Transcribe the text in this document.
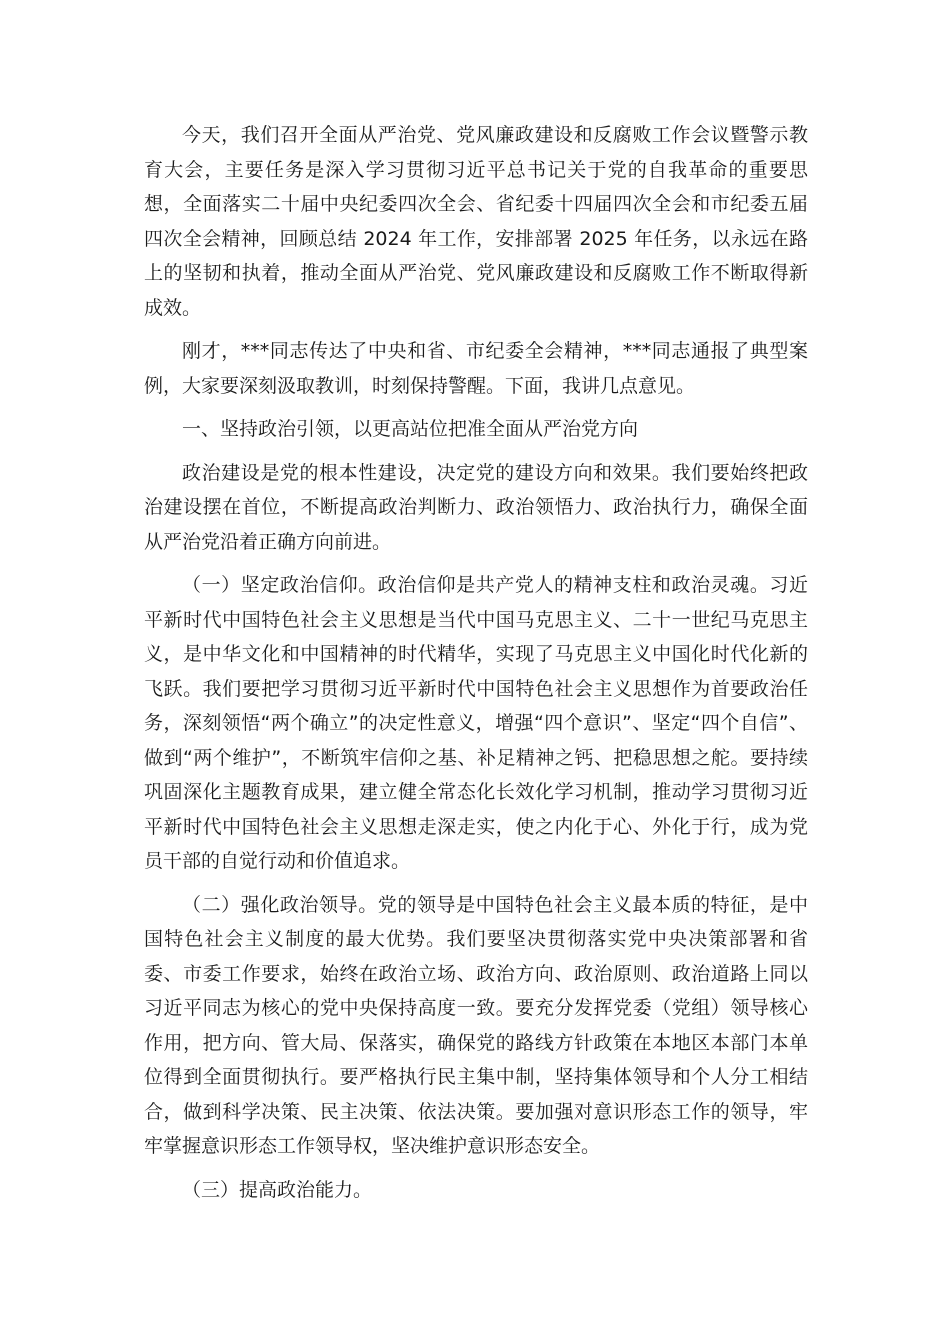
今天，我们召开全面从严治党、党风廉政建设和反腐败工作会议暨警示教育大会，主要任务是深入学习贯彻习近平总书记关于党的自我革命的重要思想，全面落实二十届中央纪委四次全会、省纪委十四届四次全会和市纪委五届四次全会精神，回顾总结 2024 年工作，安排部署 2025 年任务，以永远在路上的坚韧和执着，推动全面从严治党、党风廉政建设和反腐败工作不断取得新成效。

刚才，***同志传达了中央和省、市纪委全会精神，***同志通报了典型案例，大家要深刻汲取教训，时刻保持警醒。下面，我讲几点意见。

一、坚持政治引领，以更高站位把准全面从严治党方向

政治建设是党的根本性建设，决定党的建设方向和效果。我们要始终把政治建设摆在首位，不断提高政治判断力、政治领悟力、政治执行力，确保全面从严治党沿着正确方向前进。

（一）坚定政治信仰。政治信仰是共产党人的精神支柱和政治灵魂。习近平新时代中国特色社会主义思想是当代中国马克思主义、二十一世纪马克思主义，是中华文化和中国精神的时代精华，实现了马克思主义中国化时代化新的飞跃。我们要把学习贯彻习近平新时代中国特色社会主义思想作为首要政治任务，深刻领悟“两个确立”的决定性意义，增强“四个意识”、坚定“四个自信”、做到“两个维护”，不断筑牢信仰之基、补足精神之钙、把稳思想之舵。要持续巩固深化主题教育成果，建立健全常态化长效化学习机制，推动学习贯彻习近平新时代中国特色社会主义思想走深走实，使之内化于心、外化于行，成为党员干部的自觉行动和价值追求。

（二）强化政治领导。党的领导是中国特色社会主义最本质的特征，是中国特色社会主义制度的最大优势。我们要坚决贯彻落实党中央决策部署和省委、市委工作要求，始终在政治立场、政治方向、政治原则、政治道路上同以习近平同志为核心的党中央保持高度一致。要充分发挥党委（党组）领导核心作用，把方向、管大局、保落实，确保党的路线方针政策在本地区本部门本单位得到全面贯彻执行。要严格执行民主集中制，坚持集体领导和个人分工相结合，做到科学决策、民主决策、依法决策。要加强对意识形态工作的领导，牢牢掌握意识形态工作领导权，坚决维护意识形态安全。

（三）提高政治能力。
